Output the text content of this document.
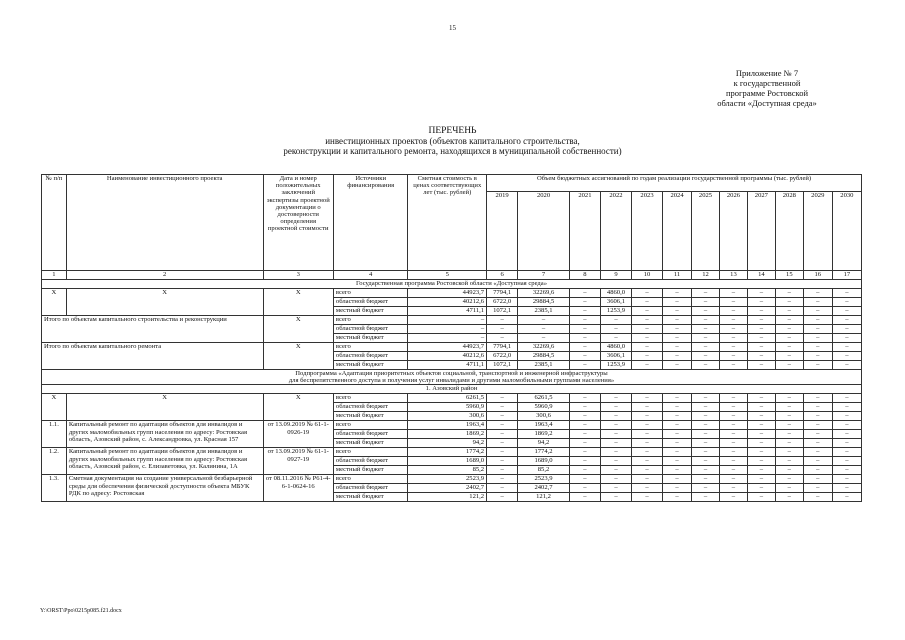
15
Приложение № 7
к государственной
программе Ростовской
области «Доступная среда»
ПЕРЕЧЕНЬ
инвестиционных проектов (объектов капитального строительства,
реконструкции и капитального ремонта, находящихся в муниципальной собственности)
№ п/п	Наименование инвестиционного проекта	Дата и номер положительных заключений экспертизы проектной документации о достоверности определения проектной стоимости	Источники финансирования	Сметная стоимость в ценах соответствующих лет (тыс. рублей)	Объем бюджетных ассигнований по годам реализации государственной программы (тыс. рублей)											
					2019	2020	2021	2022	2023	2024	2025	2026	2027	2028	2029	2030
1	2	3	4	5	6	7	8	9	10	11	12	13	14	15	16	17
Государственная программа Ростовской области «Доступная среда»																
Х	Х	Х	всего	44923,7	7794,1	32269,6	–	4860,0	–	–	–	–	–	–	–	–
			областной бюджет	40212,6	6722,0	29884,5	–	3606,1	–	–	–	–	–	–	–	–
			местный бюджет	4711,1	1072,1	2385,1	–	1253,9	–	–	–	–	–	–	–	–
Итого по объектам капитального строительства и реконструкции		Х	всего	–	–	–	–	–	–	–	–	–	–	–	–	–
			областной бюджет	–	–	–	–	–	–	–	–	–	–	–	–	–
			местный бюджет	–	–	–	–	–	–	–	–	–	–	–	–	–
Итого по объектам капитального ремонта		Х	всего	44923,7	7794,1	32269,6	–	4860,0	–	–	–	–	–	–	–	–
			областной бюджет	40212,6	6722,0	29884,5	–	3606,1	–	–	–	–	–	–	–	–
			местный бюджет	4711,1	1072,1	2385,1	–	1253,9	–	–	–	–	–	–	–	–

Подпрограмма «Адаптация приоритетных объектов социальной, транспортной и инженерной инфраструктуры
для беспрепятственного доступа и получения услуг инвалидами и другими маломобильными группами населения»																

1. Азовский район																
Х	Х	Х	всего	6261,5	–	6261,5	–	–	–	–	–	–	–	–	–	–
			областной бюджет	5960,9	–	5960,9	–	–	–	–	–	–	–	–	–	–
			местный бюджет	300,6	–	300,6	–	–	–	–	–	–	–	–	–	–
1.1.	Капитальный ремонт по адаптации объектов для инвалидов и других маломобильных групп населения по адресу: Ростовская область, Азовский район, с. Александровка, ул. Красная 157	от 13.09.2019 № 61-1-0926-19	всего	1963,4	–	1963,4	–	–	–	–	–	–	–	–	–	–
			областной бюджет	1869,2	–	1869,2	–	–	–	–	–	–	–	–	–	–
			местный бюджет	94,2	–	94,2	–	–	–	–	–	–	–	–	–	–
1.2.	Капитальный ремонт по адаптации объектов для инвалидов и других маломобильных групп населения по адресу: Ростовская область, Азовский район, с. Елизаветовка, ул. Калинина, 1А	от 13.09.2019 № 61-1-0927-19	всего	1774,2	–	1774,2	–	–	–	–	–	–	–	–	–	–
			областной бюджет	1689,0	–	1689,0	–	–	–	–	–	–	–	–	–	–
			местный бюджет	85,2	–	85,2	–	–	–	–	–	–	–	–	–	–
1.3.	Сметная документация на создание универсальной безбарьерной среды для обеспечения физической доступности объекта МБУК РДК по адресу: Ростовская	от 08.11.2016 № Р61-4-6-1-0624-16	всего	2523,9	–	2523,9	–	–	–	–	–	–	–	–	–	–
			областной бюджет	2402,7	–	2402,7	–	–	–	–	–	–	–	–	–	–
			местный бюджет	121,2	–	121,2	–	–	–	–	–	–	–	–	–	–
Y:\ORST\Ppo\0215p085.f21.docx
